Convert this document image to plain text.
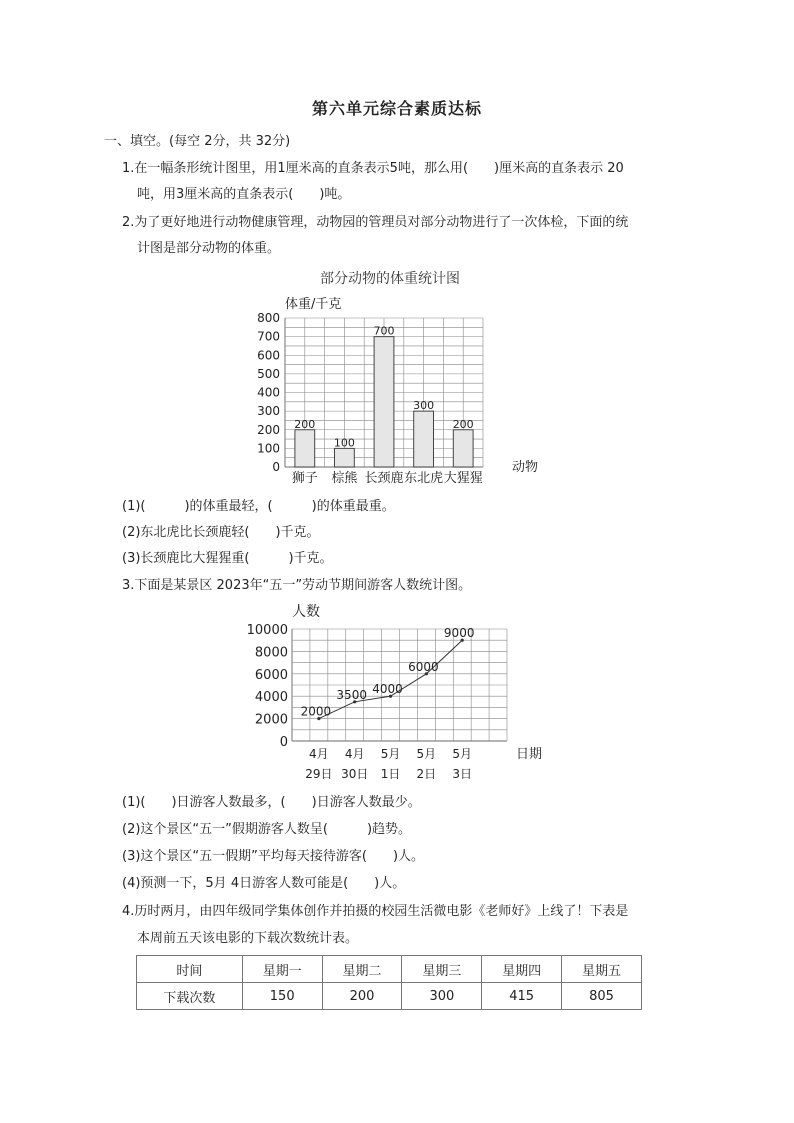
第六单元综合素质达标
一、填空。(每空 2分，共 32分)
1.在一幅条形统计图里，用1厘米高的直条表示5吨，那么用(　　)厘米高的直条表示 20
吨，用3厘米高的直条表示(　　)吨。
2.为了更好地进行动物健康管理，动物园的管理员对部分动物进行了一次体检，下面的统
计图是部分动物的体重。
部分动物的体重统计图
体重/千克
动物
0
100
200
300
400
500
600
700
800
200
狮子
100
棕熊
700
长颈鹿
300
东北虎
200
大猩猩
(1)(　　　)的体重最轻，(　　　)的体重最重。
(2)东北虎比长颈鹿轻(　　)千克。
(3)长颈鹿比大猩猩重(　　　)千克。
3.下面是某景区 2023年“五一”劳动节期间游客人数统计图。
人数
日期
0
2000
4000
6000
8000
10000
2000
4月
29日
3500
4月
30日
4000
5月
1日
6000
5月
2日
9000
5月
3日
(1)(　　)日游客人数最多，(　　)日游客人数最少。
(2)这个景区“五一”假期游客人数呈(　　　)趋势。
(3)这个景区“五一假期”平均每天接待游客(　　)人。
(4)预测一下，5月 4日游客人数可能是(　　)人。
4.历时两月，由四年级同学集体创作并拍摄的校园生活微电影《老师好》上线了！下表是
本周前五天该电影的下载次数统计表。
时间	星期一	星期二	星期三	星期四	星期五
下载次数	150	200	300	415	805
